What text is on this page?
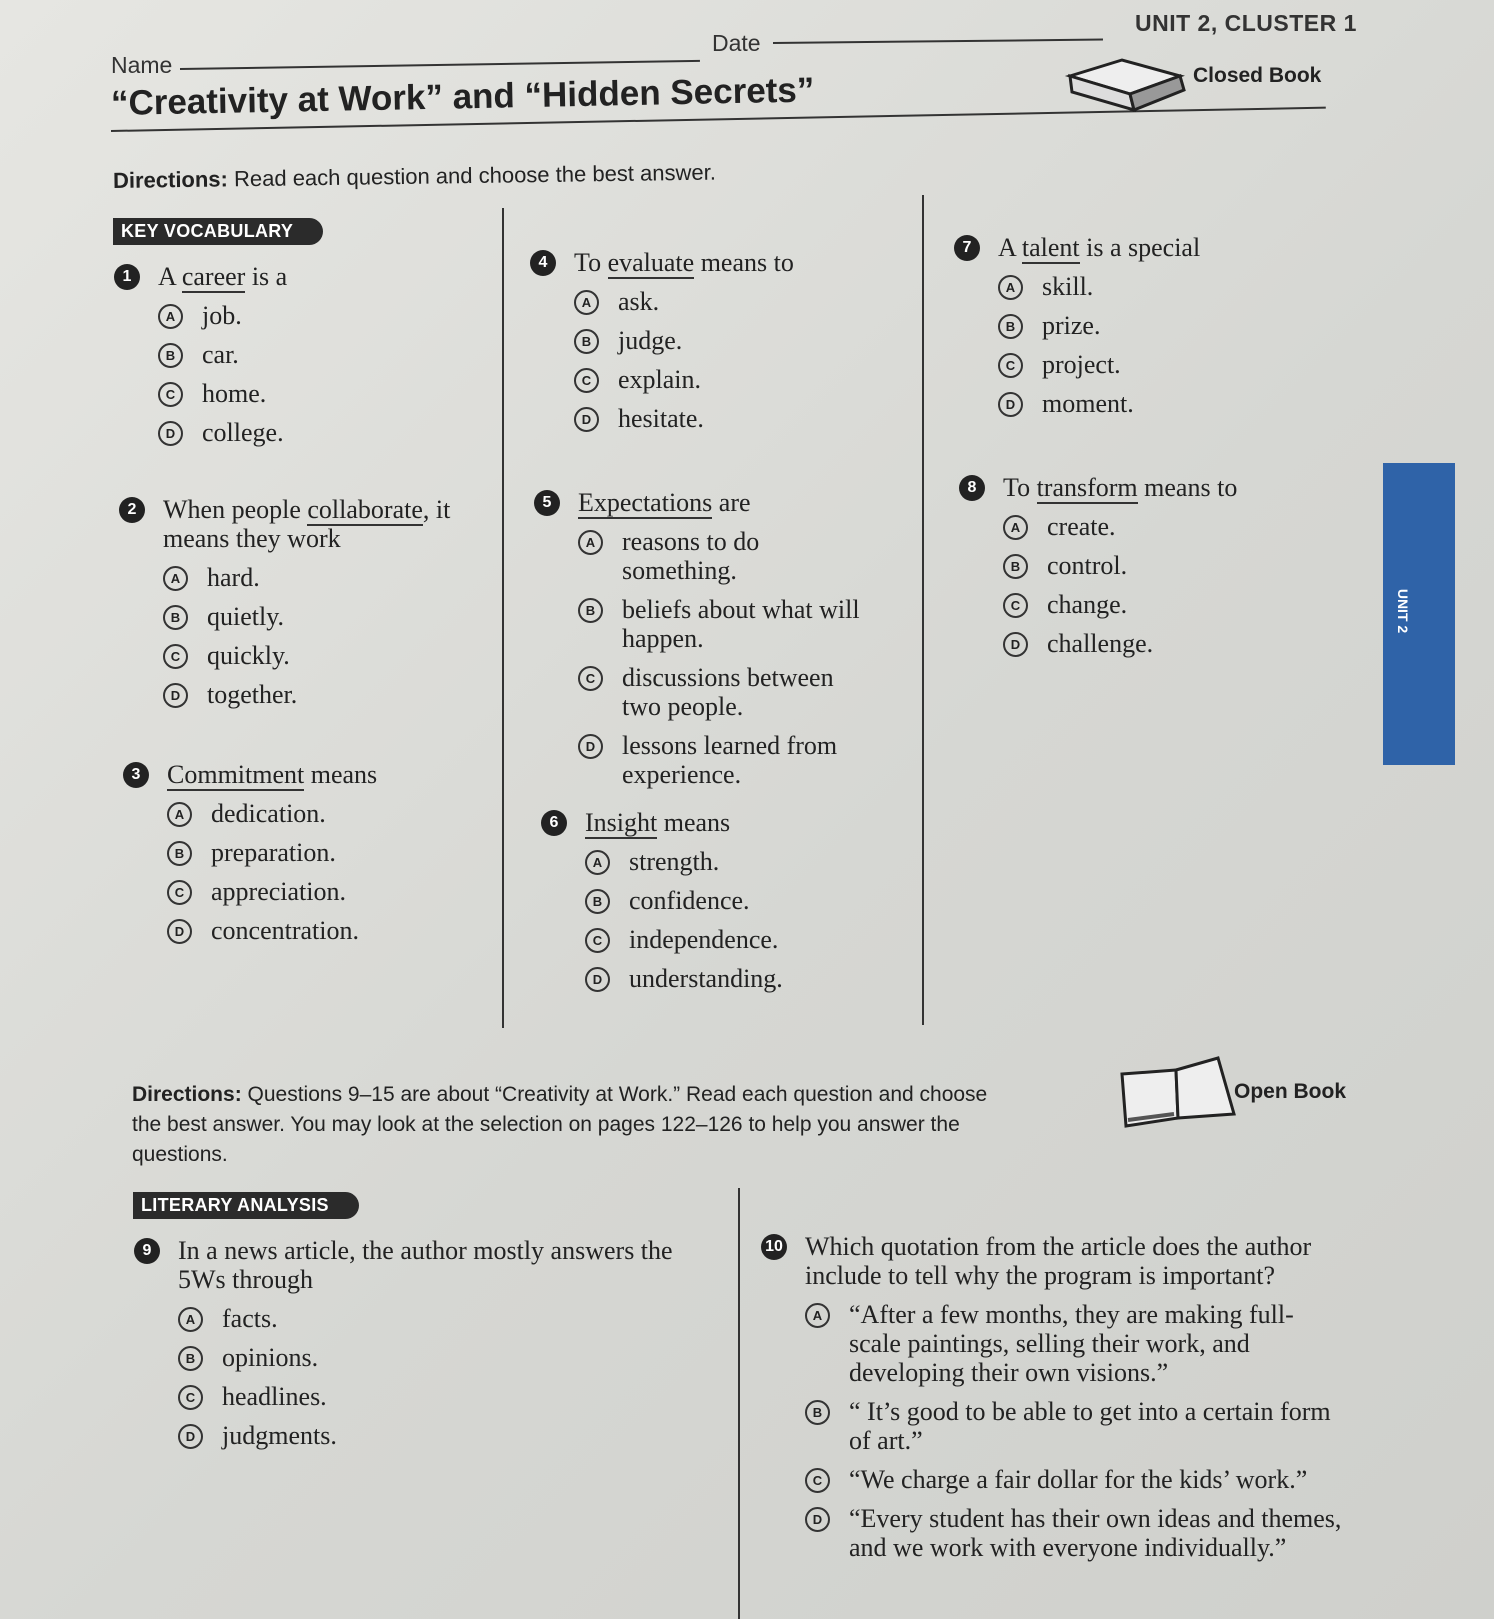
Name
Date
UNIT 2, CLUSTER 1
“Creativity at Work” and “Hidden Secrets”	Closed Book
Directions: Read each question and choose the best answer.
KEY VOCABULARY
1	A career is a
A	job.
B	car.
C	home.
D	college.
2	When people collaborate, it
means they work
A	hard.
B	quietly.
C	quickly.
D	together.
3	Commitment means
A	dedication.
B	preparation.
C	appreciation.
D	concentration.
4	To evaluate means to
A	ask.
B	judge.
C	explain.
D	hesitate.
5	Expectations are
A	reasons to do something.
B	beliefs about what will happen.
C	discussions between two people.
D	lessons learned from experience.
6	Insight means
A	strength.
B	confidence.
C	independence.
D	understanding.
7	A talent is a special
A	skill.
B	prize.
C	project.
D	moment.
8	To transform means to
A	create.
B	control.
C	change.
D	challenge.
UNIT 2
Directions: Questions 9–15 are about “Creativity at Work.” Read each question and choose the best answer. You may look at the selection on pages 122–126 to help you answer the questions.
Open Book
LITERARY ANALYSIS
9	In a news article, the author mostly answers the 5Ws through
A	facts.
B	opinions.
C	headlines.
D	judgments.
10 Which quotation from the article does the author include to tell why the program is important?
A	“After a few months, they are making full-scale paintings, selling their work, and developing their own visions.”
B	“ It’s good to be able to get into a certain form of art.”
C	“We charge a fair dollar for the kids’ work.”
D	“Every student has their own ideas and themes, and we work with everyone individually.”
